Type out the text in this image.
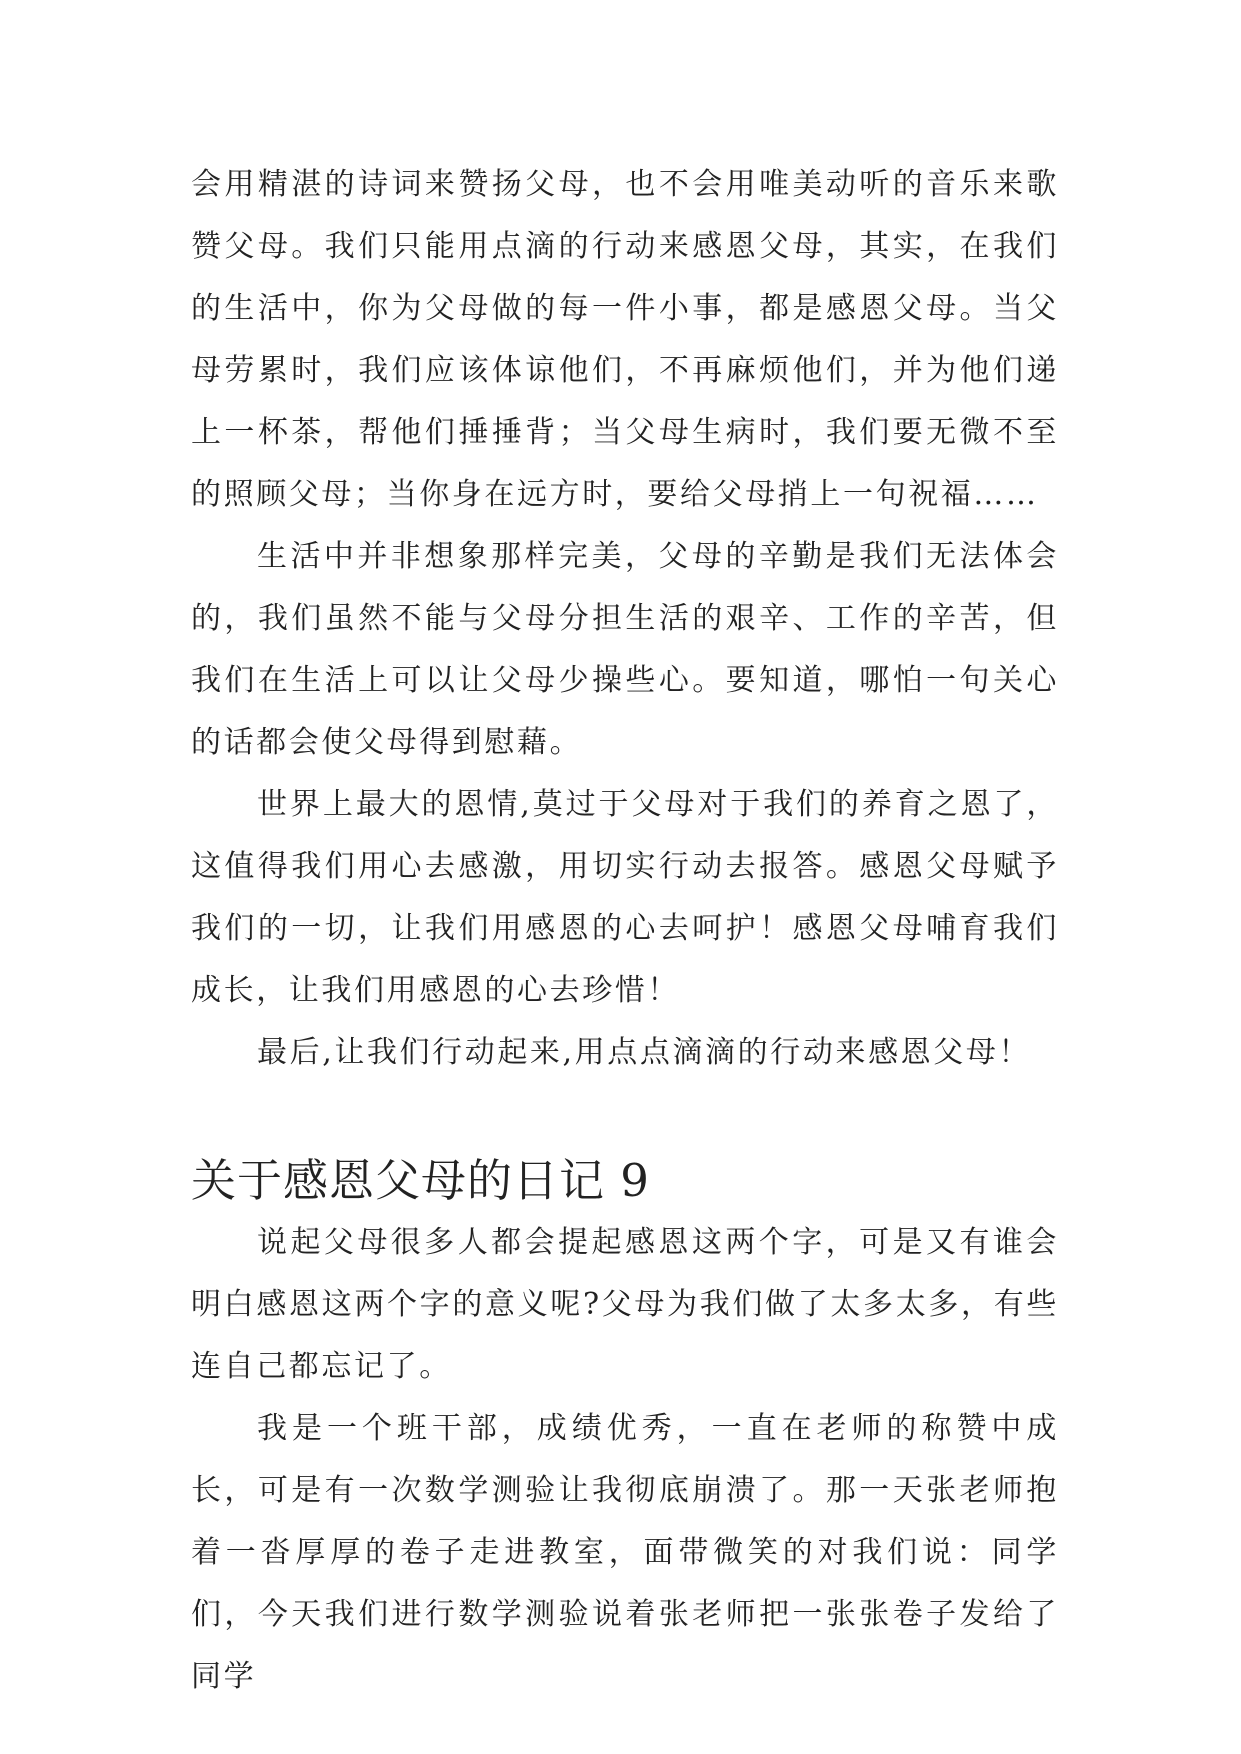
会用精湛的诗词来赞扬父母，也不会用唯美动听的音乐来歌赞父母。我们只能用点滴的行动来感恩父母，其实，在我们的生活中，你为父母做的每一件小事，都是感恩父母。当父母劳累时，我们应该体谅他们，不再麻烦他们，并为他们递上一杯茶，帮他们捶捶背；当父母生病时，我们要无微不至的照顾父母；当你身在远方时，要给父母捎上一句祝福……

生活中并非想象那样完美，父母的辛勤是我们无法体会的，我们虽然不能与父母分担生活的艰辛、工作的辛苦，但我们在生活上可以让父母少操些心。要知道，哪怕一句关心的话都会使父母得到慰藉。

世界上最大的恩情,莫过于父母对于我们的养育之恩了，这值得我们用心去感激，用切实行动去报答。感恩父母赋予我们的一切，让我们用感恩的心去呵护！感恩父母哺育我们成长，让我们用感恩的心去珍惜！

最后,让我们行动起来,用点点滴滴的行动来感恩父母！

关于感恩父母的日记 9

说起父母很多人都会提起感恩这两个字，可是又有谁会明白感恩这两个字的意义呢?父母为我们做了太多太多，有些连自己都忘记了。

我是一个班干部，成绩优秀，一直在老师的称赞中成长，可是有一次数学测验让我彻底崩溃了。那一天张老师抱着一沓厚厚的卷子走进教室，面带微笑的对我们说：同学们，今天我们进行数学测验说着张老师把一张张卷子发给了同学
